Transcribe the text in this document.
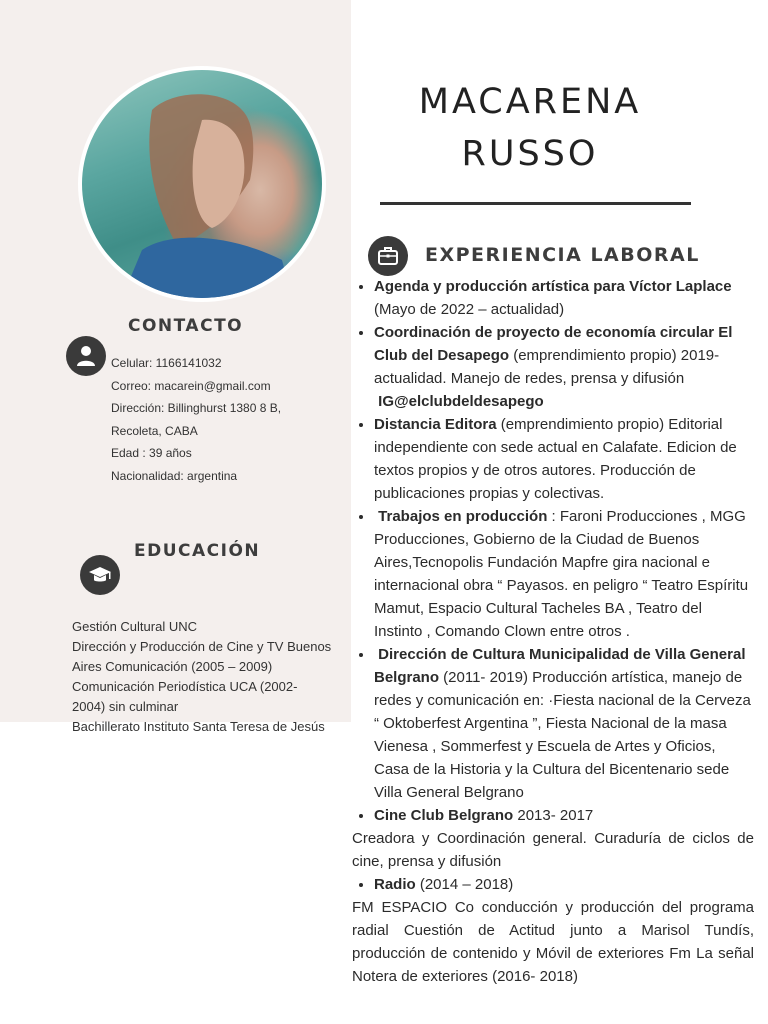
CONTACTO
Celular: 1166141032
Correo: macarein@gmail.com
Dirección: Billinghurst 1380 8 B,
Recoleta, CABA
Edad : 39 años
Nacionalidad: argentina
EDUCACIÓN
Gestión Cultural UNC
Dirección y Producción de Cine y TV Buenos Aires Comunicación (2005 – 2009)
Comunicación Periodística UCA (2002- 2004) sin culminar
Bachillerato Instituto Santa Teresa de Jesús
MACARENA
RUSSO
EXPERIENCIA LABORAL
• Agenda y producción artística para Víctor Laplace (Mayo de 2022 – actualidad)
• Coordinación de proyecto de economía circular El Club del Desapego (emprendimiento propio) 2019- actualidad. Manejo de redes, prensa y difusión
IG@elclubdeldesapego
• Distancia Editora (emprendimiento propio) Editorial independiente con sede actual en Calafate. Edicion de textos propios y de otros autores. Producción de publicaciones propias y colectivas.
• Trabajos en producción : Faroni Producciones , MGG Producciones, Gobierno de la Ciudad de Buenos Aires,Tecnopolis Fundación Mapfre gira nacional e internacional obra “ Payasos. en peligro “ Teatro Espíritu Mamut, Espacio Cultural Tacheles BA , Teatro del Instinto , Comando Clown entre otros .
• Dirección de Cultura Municipalidad de Villa General Belgrano (2011- 2019) Producción artística, manejo de redes y comunicación en: ·Fiesta nacional de la Cerveza “ Oktoberfest Argentina ”, Fiesta Nacional de la masa Vienesa , Sommerfest y Escuela de Artes y Oficios, Casa de la Historia y la Cultura del Bicentenario sede Villa General Belgrano
• Cine Club Belgrano 2013- 2017
Creadora y Coordinación general. Curaduría de ciclos de cine, prensa y difusión
• Radio (2014 – 2018)
FM ESPACIO Co conducción y producción del programa radial Cuestión de Actitud junto a Marisol Tundís, producción de contenido y Móvil de exteriores Fm La señal Notera de exteriores (2016- 2018)
